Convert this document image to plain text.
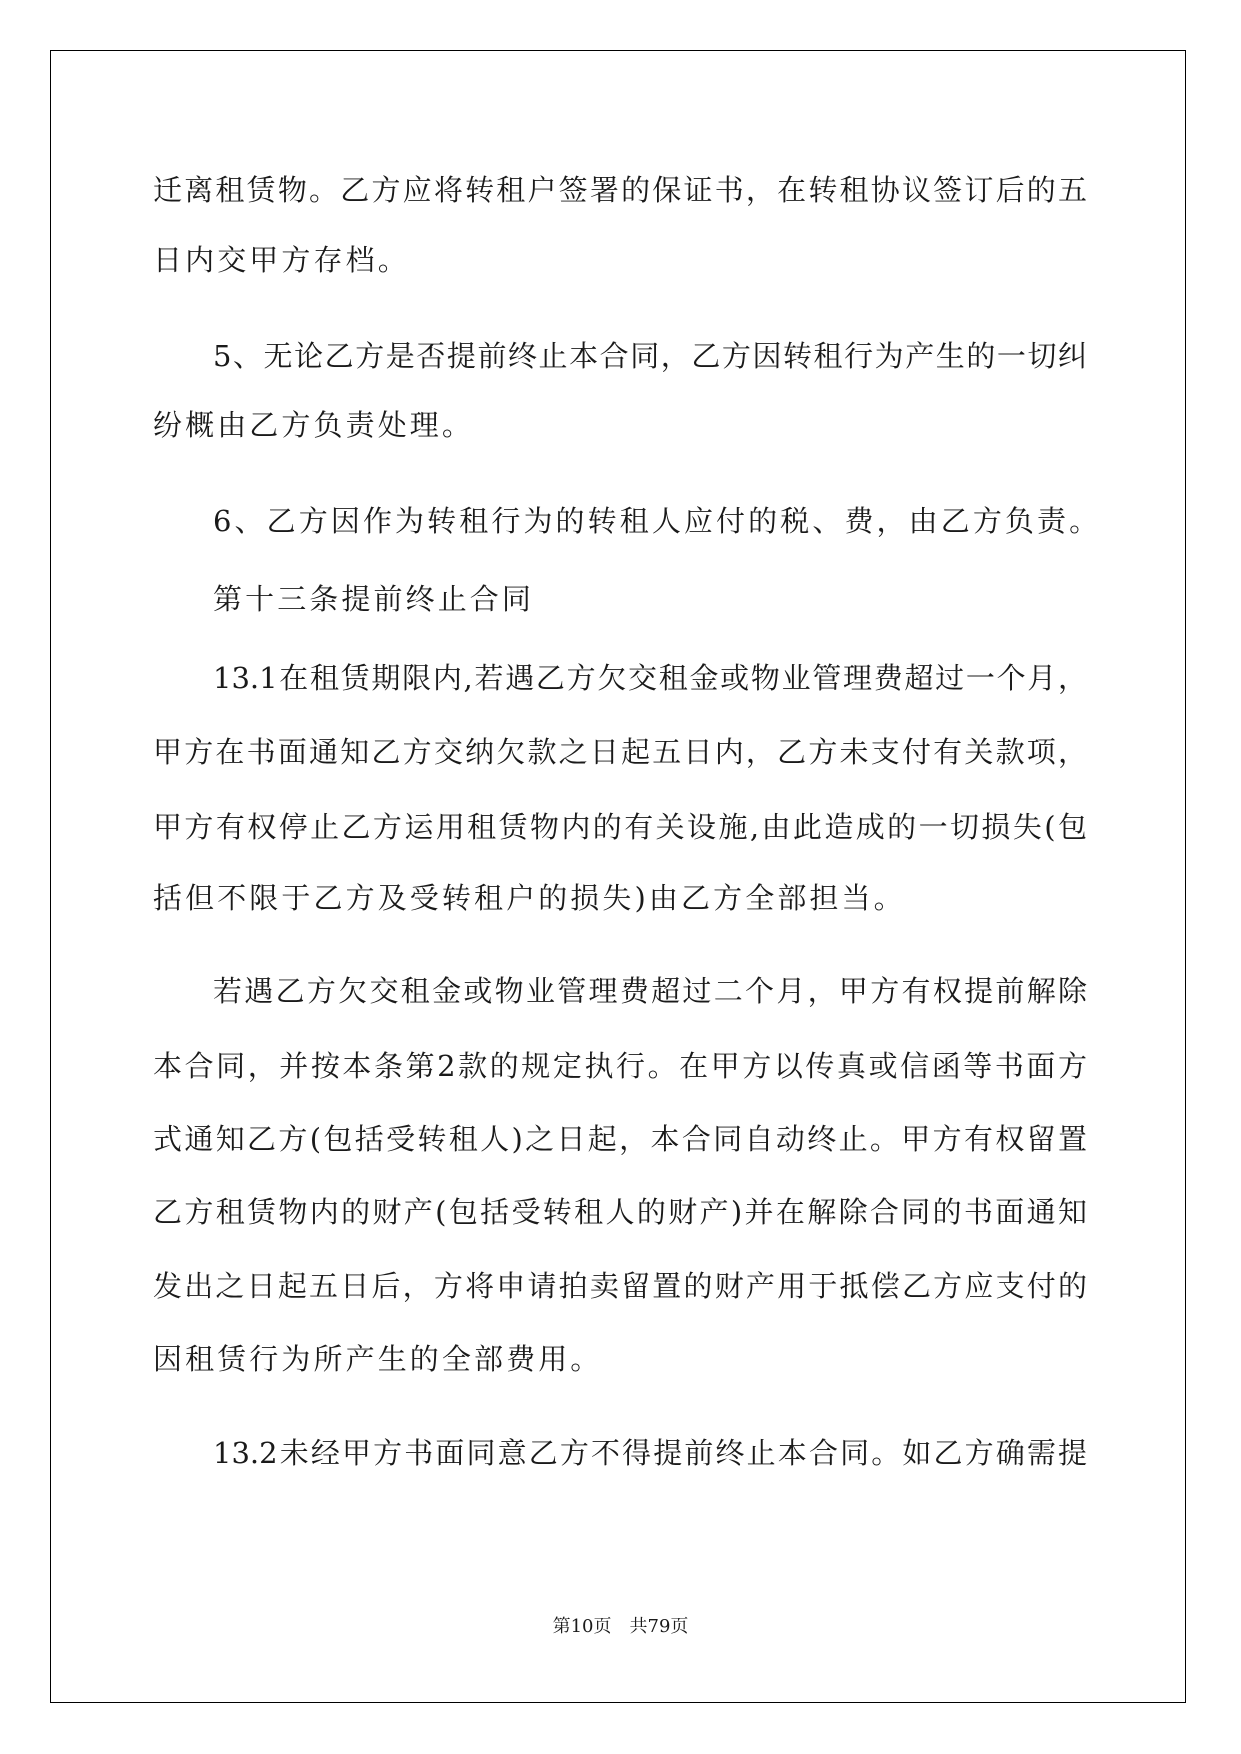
迁离租赁物。乙方应将转租户签署的保证书，在转租协议签订后的五
日内交甲方存档。
5、无论乙方是否提前终止本合同，乙方因转租行为产生的一切纠
纷概由乙方负责处理。
6、乙方因作为转租行为的转租人应付的税、费，由乙方负责。
第十三条提前终止合同
13.1在租赁期限内,若遇乙方欠交租金或物业管理费超过一个月，
甲方在书面通知乙方交纳欠款之日起五日内，乙方未支付有关款项，
甲方有权停止乙方运用租赁物内的有关设施,由此造成的一切损失(包
括但不限于乙方及受转租户的损失)由乙方全部担当。
若遇乙方欠交租金或物业管理费超过二个月，甲方有权提前解除
本合同，并按本条第2款的规定执行。在甲方以传真或信函等书面方
式通知乙方(包括受转租人)之日起，本合同自动终止。甲方有权留置
乙方租赁物内的财产(包括受转租人的财产)并在解除合同的书面通知
发出之日起五日后，方将申请拍卖留置的财产用于抵偿乙方应支付的
因租赁行为所产生的全部费用。
13.2未经甲方书面同意乙方不得提前终止本合同。如乙方确需提
第10页 共79页
